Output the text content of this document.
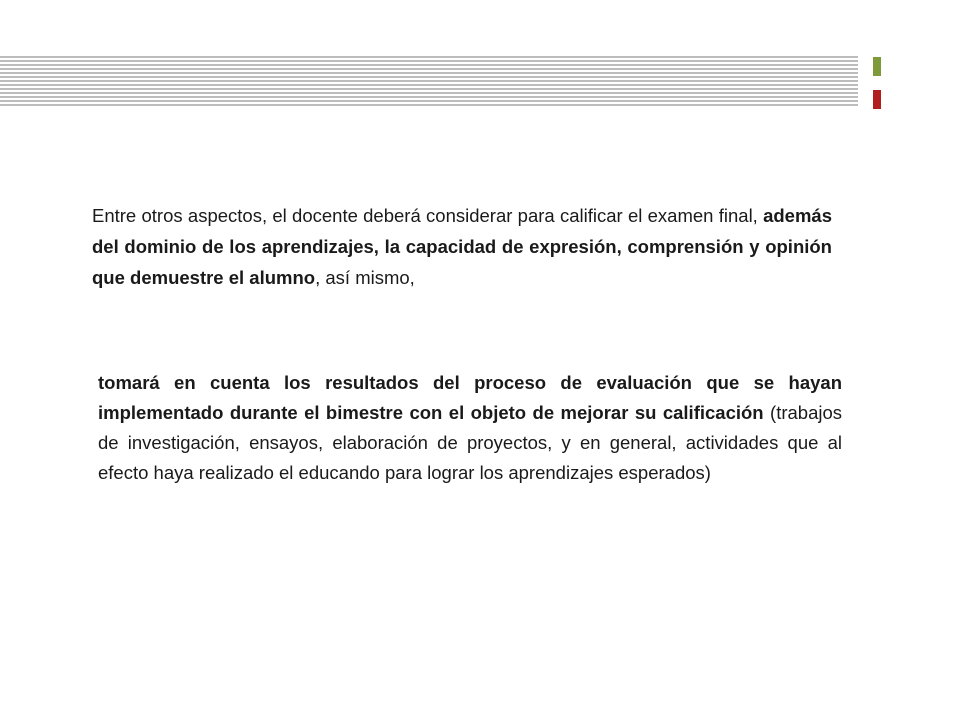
Entre otros aspectos, el docente deberá considerar para calificar el examen final, además del dominio de los aprendizajes, la capacidad de expresión, comprensión y opinión que demuestre el alumno, así mismo,

tomará en cuenta los resultados del proceso de evaluación que se hayan implementado durante el bimestre con el objeto de mejorar su calificación (trabajos de investigación, ensayos, elaboración de proyectos, y en general, actividades que al efecto haya realizado el educando para lograr los aprendizajes esperados)
